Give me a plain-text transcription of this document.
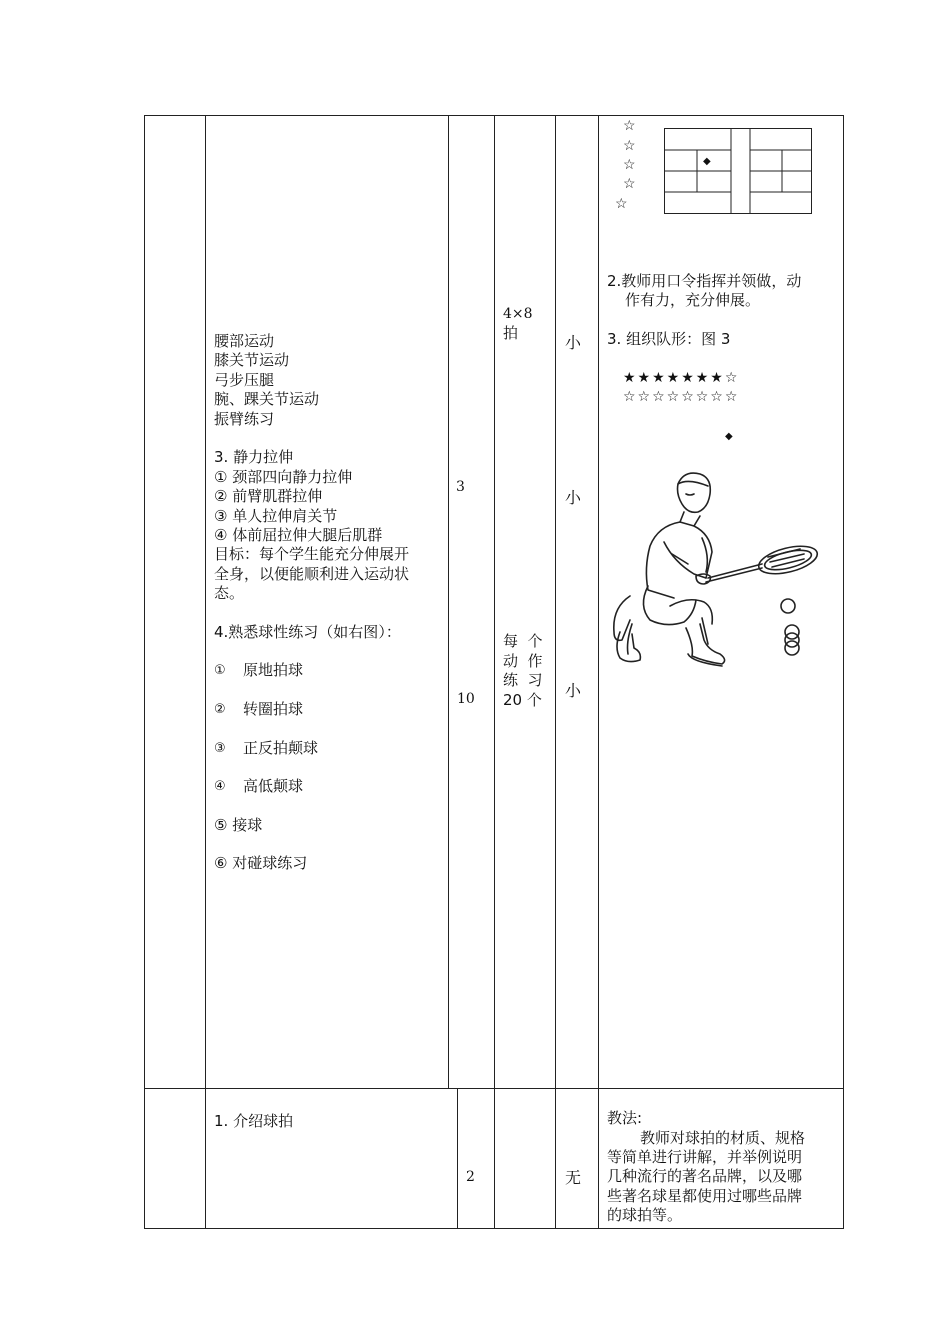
腰部运动
膝关节运动
弓步压腿
腕、踝关节运动
振臂练习
3. 静力拉伸
① 颈部四向静力拉伸
② 前臂肌群拉伸
③ 单人拉伸肩关节
④ 体前屈拉伸大腿后肌群
目标：每个学生能充分伸展开
全身，以便能顺利进入运动状
态。
4.熟悉球性练习（如右图）：
① 原地拍球
② 转圈拍球
③ 正反拍颠球
④ 高低颠球
⑤ 接球
⑥ 对碰球练习
3
10
4×8
拍
每  个
动  作
练  习
20 个
小
小
小
☆
☆
☆
☆
☆
◆
2.教师用口令指挥并领做，动
作有力，充分伸展。
3. 组织队形：图 3
★★★★★★★☆
☆☆☆☆☆☆☆☆
◆
1. 介绍球拍
2	无
教法:
教师对球拍的材质、规格
等简单进行讲解，并举例说明
几种流行的著名品牌，以及哪
些著名球星都使用过哪些品牌
的球拍等。
